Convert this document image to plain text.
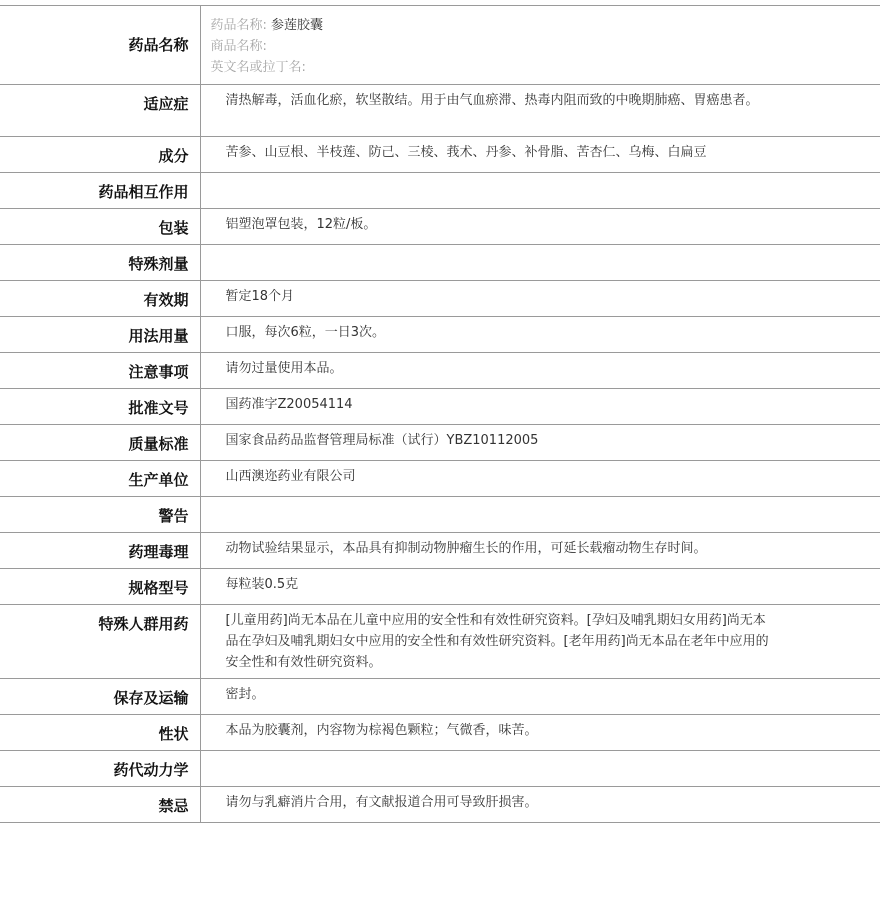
药品名称	药品名称: 参莲胶囊
商品名称:
英文名或拉丁名:

适应症	清热解毒，活血化瘀，软坚散结。用于由气血瘀滞、热毒内阻而致的中晚期肺癌、胃癌患者。
成分	苦参、山豆根、半枝莲、防己、三棱、莪术、丹参、补骨脂、苦杏仁、乌梅、白扁豆
药品相互作用	
包装	铝塑泡罩包装，12粒/板。
特殊剂量	
有效期	暂定18个月
用法用量	口服，每次6粒，一日3次。
注意事项	请勿过量使用本品。
批准文号	国药准字Z20054114
质量标准	国家食品药品监督管理局标准（试行）YBZ10112005
生产单位	山西澳迩药业有限公司
警告	
药理毒理	动物试验结果显示，本品具有抑制动物肿瘤生长的作用，可延长载瘤动物生存时间。
规格型号	每粒装0.5克
特殊人群用药	[儿童用药]尚无本品在儿童中应用的安全性和有效性研究资料。[孕妇及哺乳期妇女用药]尚无本品在孕妇及哺乳期妇女中应用的安全性和有效性研究资料。[老年用药]尚无本品在老年中应用的安全性和有效性研究资料。
保存及运输	密封。
性状	本品为胶囊剂，内容物为棕褐色颗粒；气微香，味苦。
药代动力学	
禁忌	请勿与乳癖消片合用，有文献报道合用可导致肝损害。
